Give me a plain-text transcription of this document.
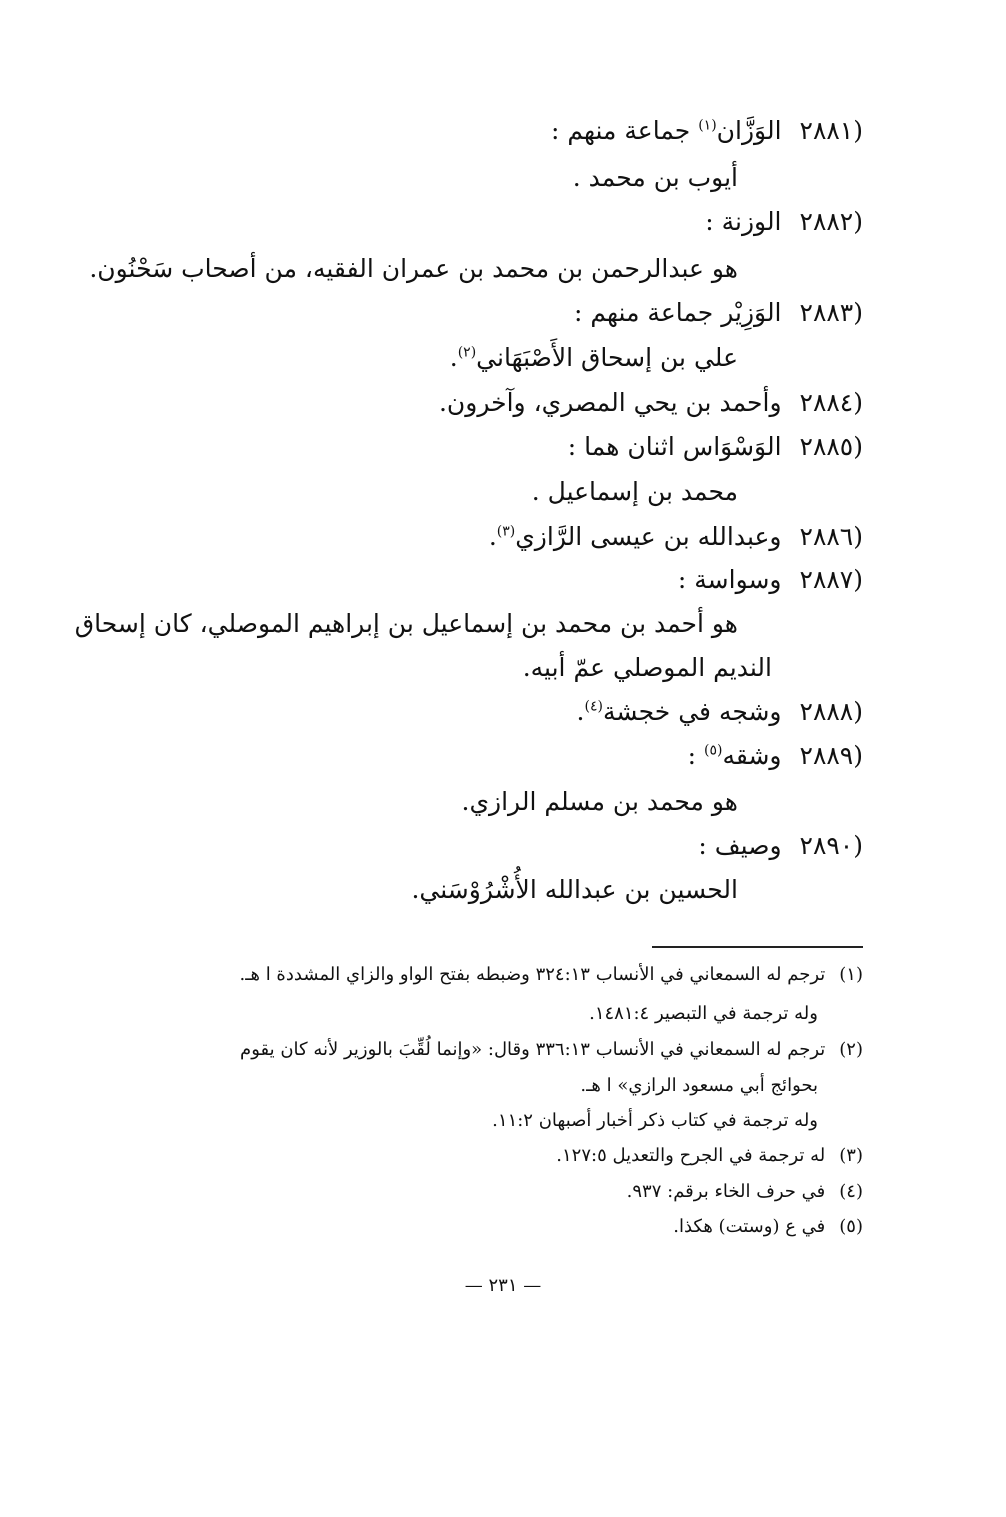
(٢٨٨١الوَزَّان$^{(١)}$ جماعة منهم :
أيوب بن محمد .
(٢٨٨٢الوزنة :
هو عبدالرحمن بن محمد بن عمران الفقيه، من أصحاب سَحْنُون.
(٢٨٨٣الوَزِيْر جماعة منهم :
علي بن إسحاق الأَصْبَهَاني$^{(٢)}$.
(٢٨٨٤وأحمد بن يحي المصري، وآخرون.
(٢٨٨٥الوَسْوَاس اثنان هما :
محمد بن إسماعيل .
(٢٨٨٦وعبدالله بن عيسى الرَّازي$^{(٣)}$.
(٢٨٨٧وسواسة :
هو أحمد بن محمد بن إسماعيل بن إبراهيم الموصلي، كان إسحاق
النديم الموصلي عمّ أبيه.
(٢٨٨٨وشجه في خجشة$^{(٤)}$.
(٢٨٨٩وشقه$^{(٥)}$ :
هو محمد بن مسلم الرازي.
(٢٨٩٠وصيف :
الحسين بن عبدالله الأُشْرُوْسَني.
(١)ترجم له السمعاني في الأنساب ٣٢٤:١٣ وضبطه بفتح الواو والزاي المشددة ا هـ.
وله ترجمة في التبصير ١٤٨١:٤.
(٢)ترجم له السمعاني في الأنساب ٣٣٦:١٣ وقال: «وإنما لُقِّبَ بالوزير لأنه كان يقوم
بحوائج أبي مسعود الرازي» ا هـ.
وله ترجمة في كتاب ذكر أخبار أصبهان ١١:٢.
(٣)له ترجمة في الجرح والتعديل ١٢٧:٥.
(٤)في حرف الخاء برقم: ٩٣٧.
(٥)في ع (وستت) هكذا.
— ٢٣١ —
